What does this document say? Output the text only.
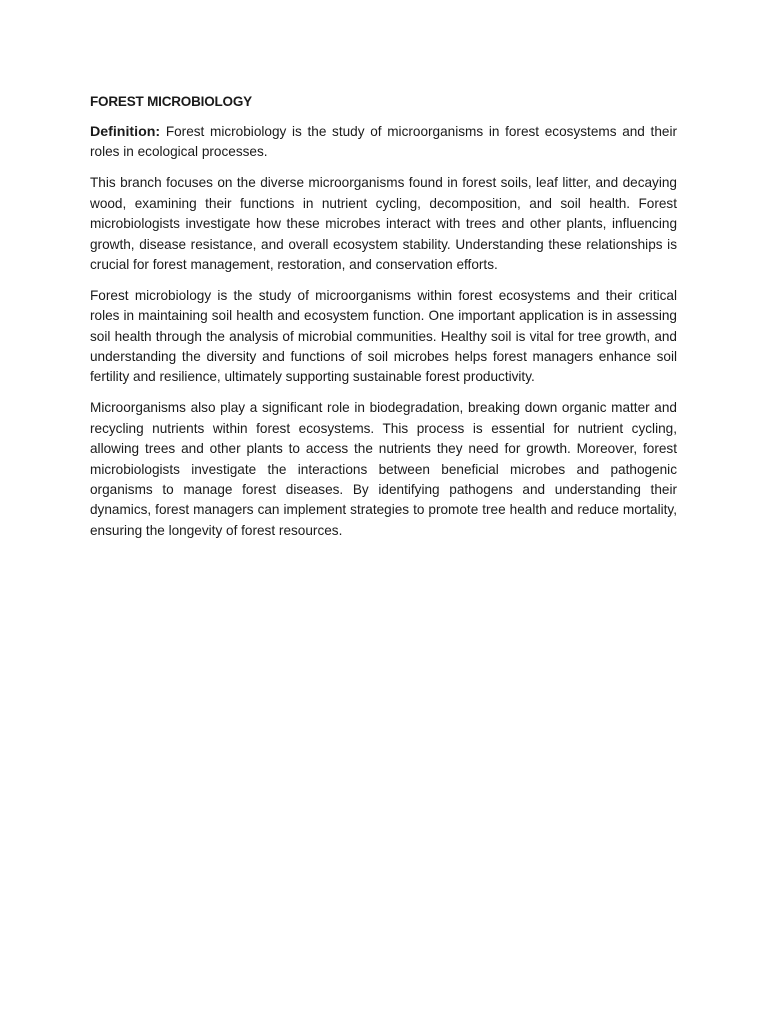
FOREST MICROBIOLOGY

Definition: Forest microbiology is the study of microorganisms in forest ecosystems and their roles in ecological processes.

This branch focuses on the diverse microorganisms found in forest soils, leaf litter, and decaying wood, examining their functions in nutrient cycling, decomposition, and soil health. Forest microbiologists investigate how these microbes interact with trees and other plants, influencing growth, disease resistance, and overall ecosystem stability. Understanding these relationships is crucial for forest management, restoration, and conservation efforts.

Forest microbiology is the study of microorganisms within forest ecosystems and their critical roles in maintaining soil health and ecosystem function. One important application is in assessing soil health through the analysis of microbial communities. Healthy soil is vital for tree growth, and understanding the diversity and functions of soil microbes helps forest managers enhance soil fertility and resilience, ultimately supporting sustainable forest productivity.

Microorganisms also play a significant role in biodegradation, breaking down organic matter and recycling nutrients within forest ecosystems. This process is essential for nutrient cycling, allowing trees and other plants to access the nutrients they need for growth. Moreover, forest microbiologists investigate the interactions between beneficial microbes and pathogenic organisms to manage forest diseases. By identifying pathogens and understanding their dynamics, forest managers can implement strategies to promote tree health and reduce mortality, ensuring the longevity of forest resources.
